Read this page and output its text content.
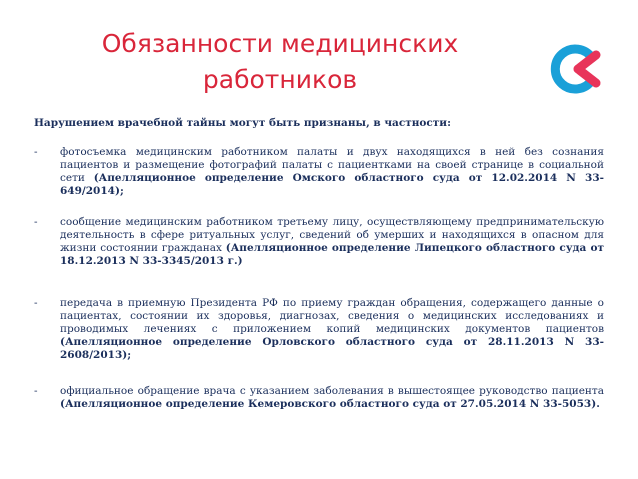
Обязанности медицинских
работников
Нарушением врачебной тайны могут быть признаны, в частности:
-	фотосъемка медицинским работником палаты и двух находящихся в ней без сознания пациентов и размещение фотографий палаты с пациентками на своей странице в социальной сети (Апелляционное определение Омского областного суда от 12.02.2014 N 33-649/2014);
-	сообщение медицинским работником третьему лицу, осуществляющему предпринимательскую деятельность в сфере ритуальных услуг, сведений об умерших и находящихся в опасном для жизни состоянии гражданах (Апелляционное определение Липецкого областного суда от 18.12.2013 N 33-3345/2013 г.)
-	передача в приемную Президента РФ по приему граждан обращения, содержащего данные о пациентах, состоянии их здоровья, диагнозах, сведения о медицинских исследованиях и проводимых лечениях с приложением копий медицинских документов пациентов (Апелляционное определение Орловского областного суда от 28.11.2013 N 33-2608/2013);
-	официальное обращение врача с указанием заболевания в вышестоящее руководство пациента (Апелляционное определение Кемеровского областного суда от 27.05.2014 N 33-5053).
